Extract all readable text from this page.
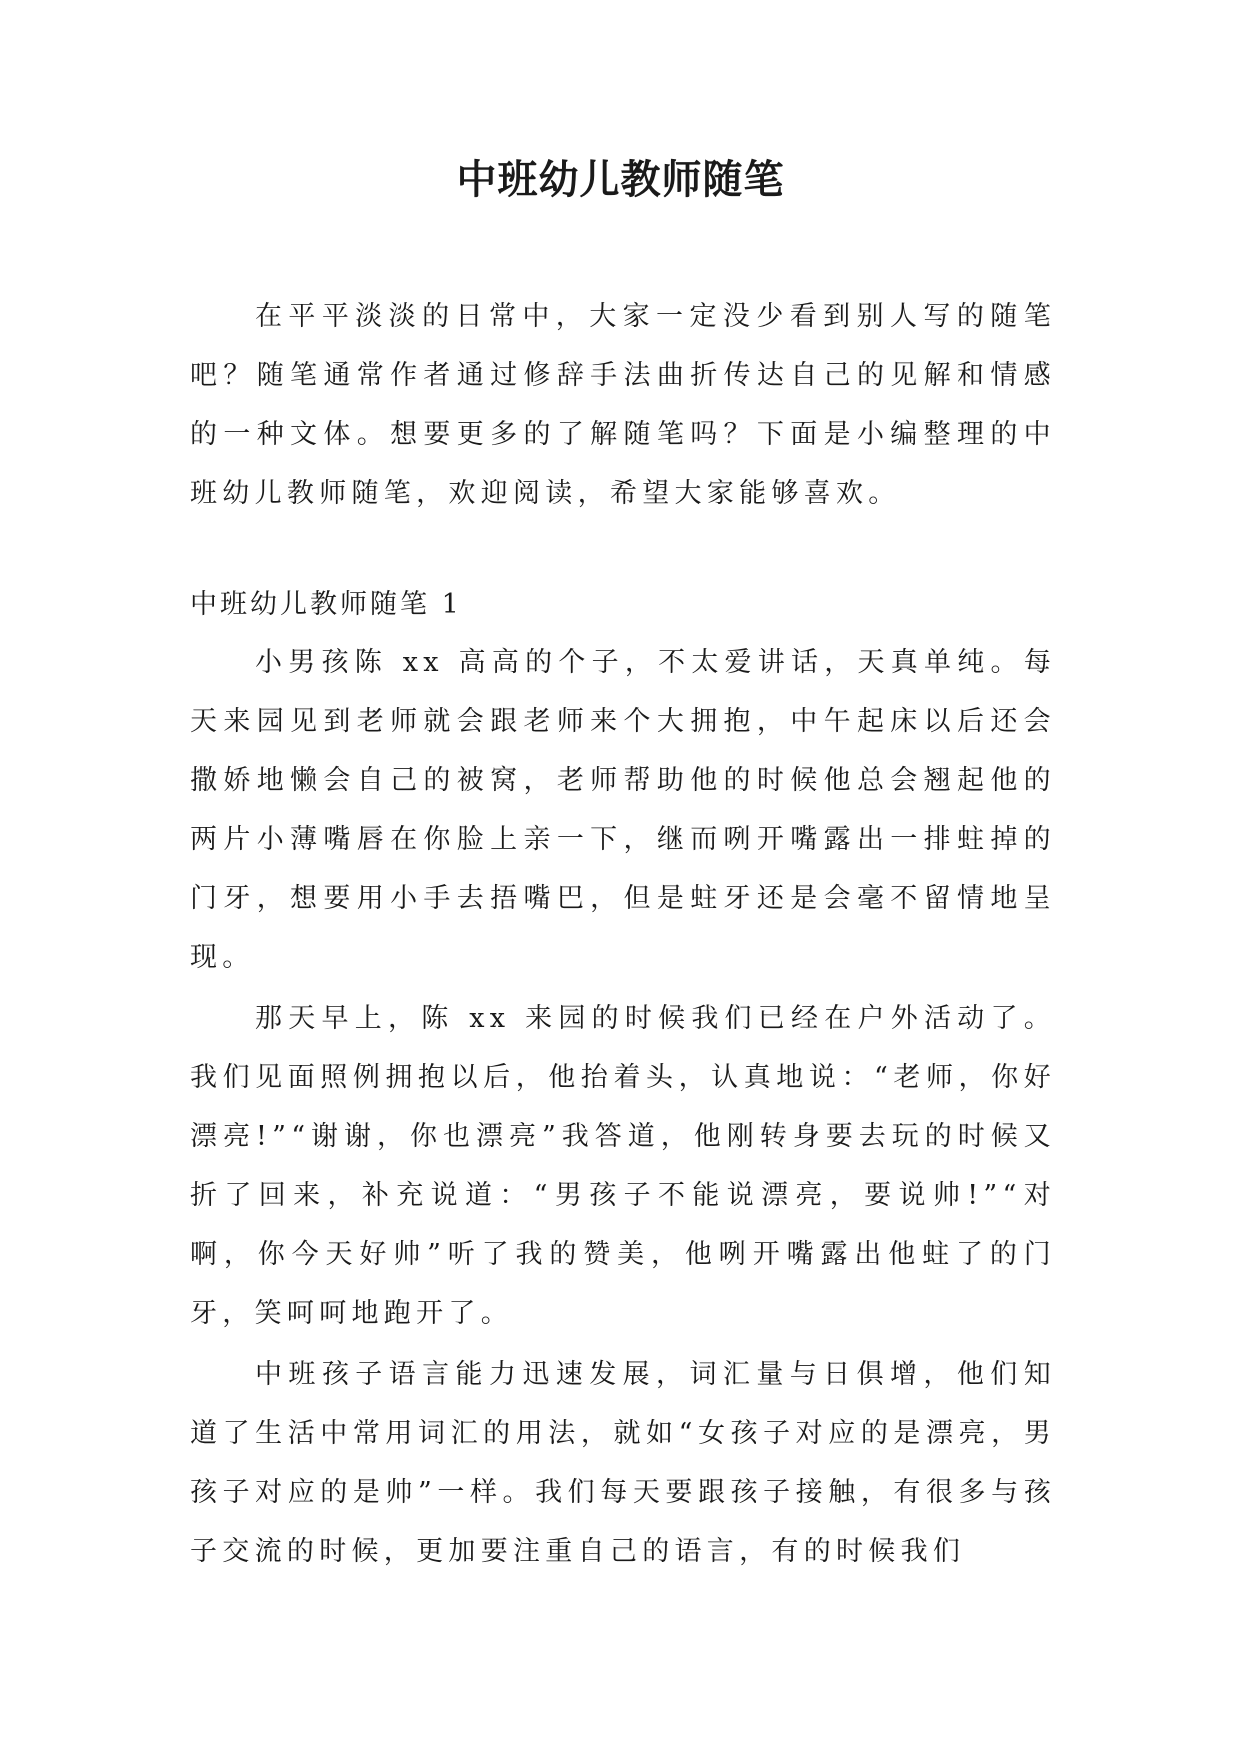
中班幼儿教师随笔

在平平淡淡的日常中，大家一定没少看到别人写的随笔吧？随笔通常作者通过修辞手法曲折传达自己的见解和情感的一种文体。想要更多的了解随笔吗？下面是小编整理的中班幼儿教师随笔，欢迎阅读，希望大家能够喜欢。

中班幼儿教师随笔 1

小男孩陈 xx 高高的个子，不太爱讲话，天真单纯。每天来园见到老师就会跟老师来个大拥抱，中午起床以后还会撒娇地懒会自己的被窝，老师帮助他的时候他总会翘起他的两片小薄嘴唇在你脸上亲一下，继而咧开嘴露出一排蛀掉的门牙，想要用小手去捂嘴巴，但是蛀牙还是会毫不留情地呈现。

那天早上，陈 xx 来园的时候我们已经在户外活动了。我们见面照例拥抱以后，他抬着头，认真地说：“老师，你好漂亮!”“谢谢，你也漂亮”我答道，他刚转身要去玩的时候又折了回来，补充说道：“男孩子不能说漂亮，要说帅!”“对啊，你今天好帅”听了我的赞美，他咧开嘴露出他蛀了的门牙，笑呵呵地跑开了。

中班孩子语言能力迅速发展，词汇量与日俱增，他们知道了生活中常用词汇的用法，就如“女孩子对应的是漂亮，男孩子对应的是帅”一样。我们每天要跟孩子接触，有很多与孩子交流的时候，更加要注重自己的语言，有的时候我们
